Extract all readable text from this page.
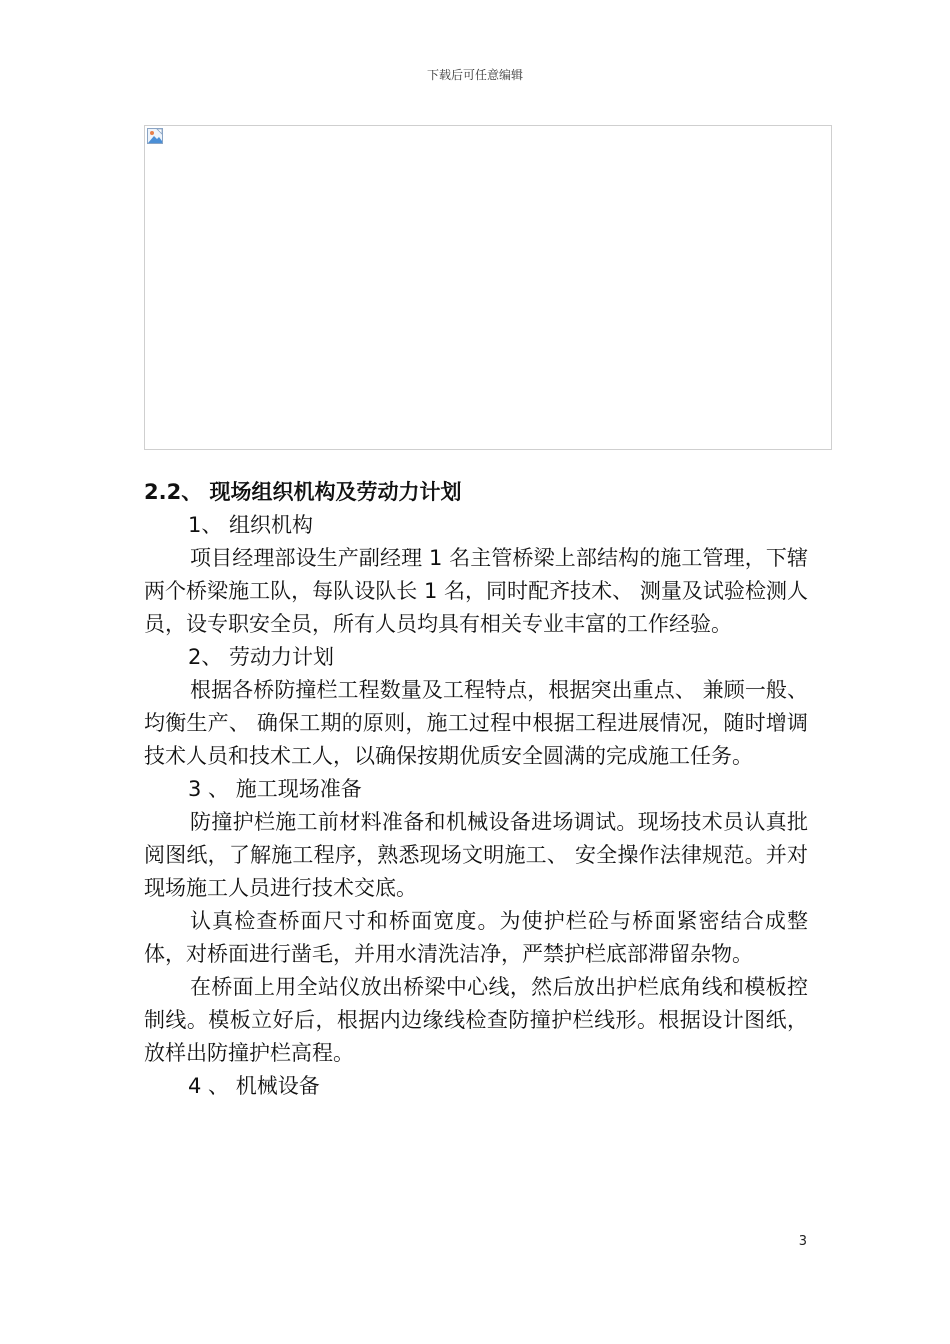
下载后可任意编辑

2.2、 现场组织机构及劳动力计划

1、 组织机构

项目经理部设生产副经理 1 名主管桥梁上部结构的施工管理，下辖两个桥梁施工队，每队设队长 1 名，同时配齐技术、 测量及试验检测人员，设专职安全员，所有人员均具有相关专业丰富的工作经验。

2、 劳动力计划

根据各桥防撞栏工程数量及工程特点，根据突出重点、 兼顾一般、 均衡生产、 确保工期的原则，施工过程中根据工程进展情况，随时增调技术人员和技术工人，以确保按期优质安全圆满的完成施工任务。

3 、 施工现场准备

防撞护栏施工前材料准备和机械设备进场调试。现场技术员认真批阅图纸，了解施工程序，熟悉现场文明施工、 安全操作法律规范。并对现场施工人员进行技术交底。

认真检查桥面尺寸和桥面宽度。为使护栏砼与桥面紧密结合成整体，对桥面进行凿毛，并用水清洗洁净，严禁护栏底部滞留杂物。

在桥面上用全站仪放出桥梁中心线，然后放出护栏底角线和模板控制线。模板立好后，根据内边缘线检查防撞护栏线形。根据设计图纸，放样出防撞护栏高程。

4 、 机械设备

3
